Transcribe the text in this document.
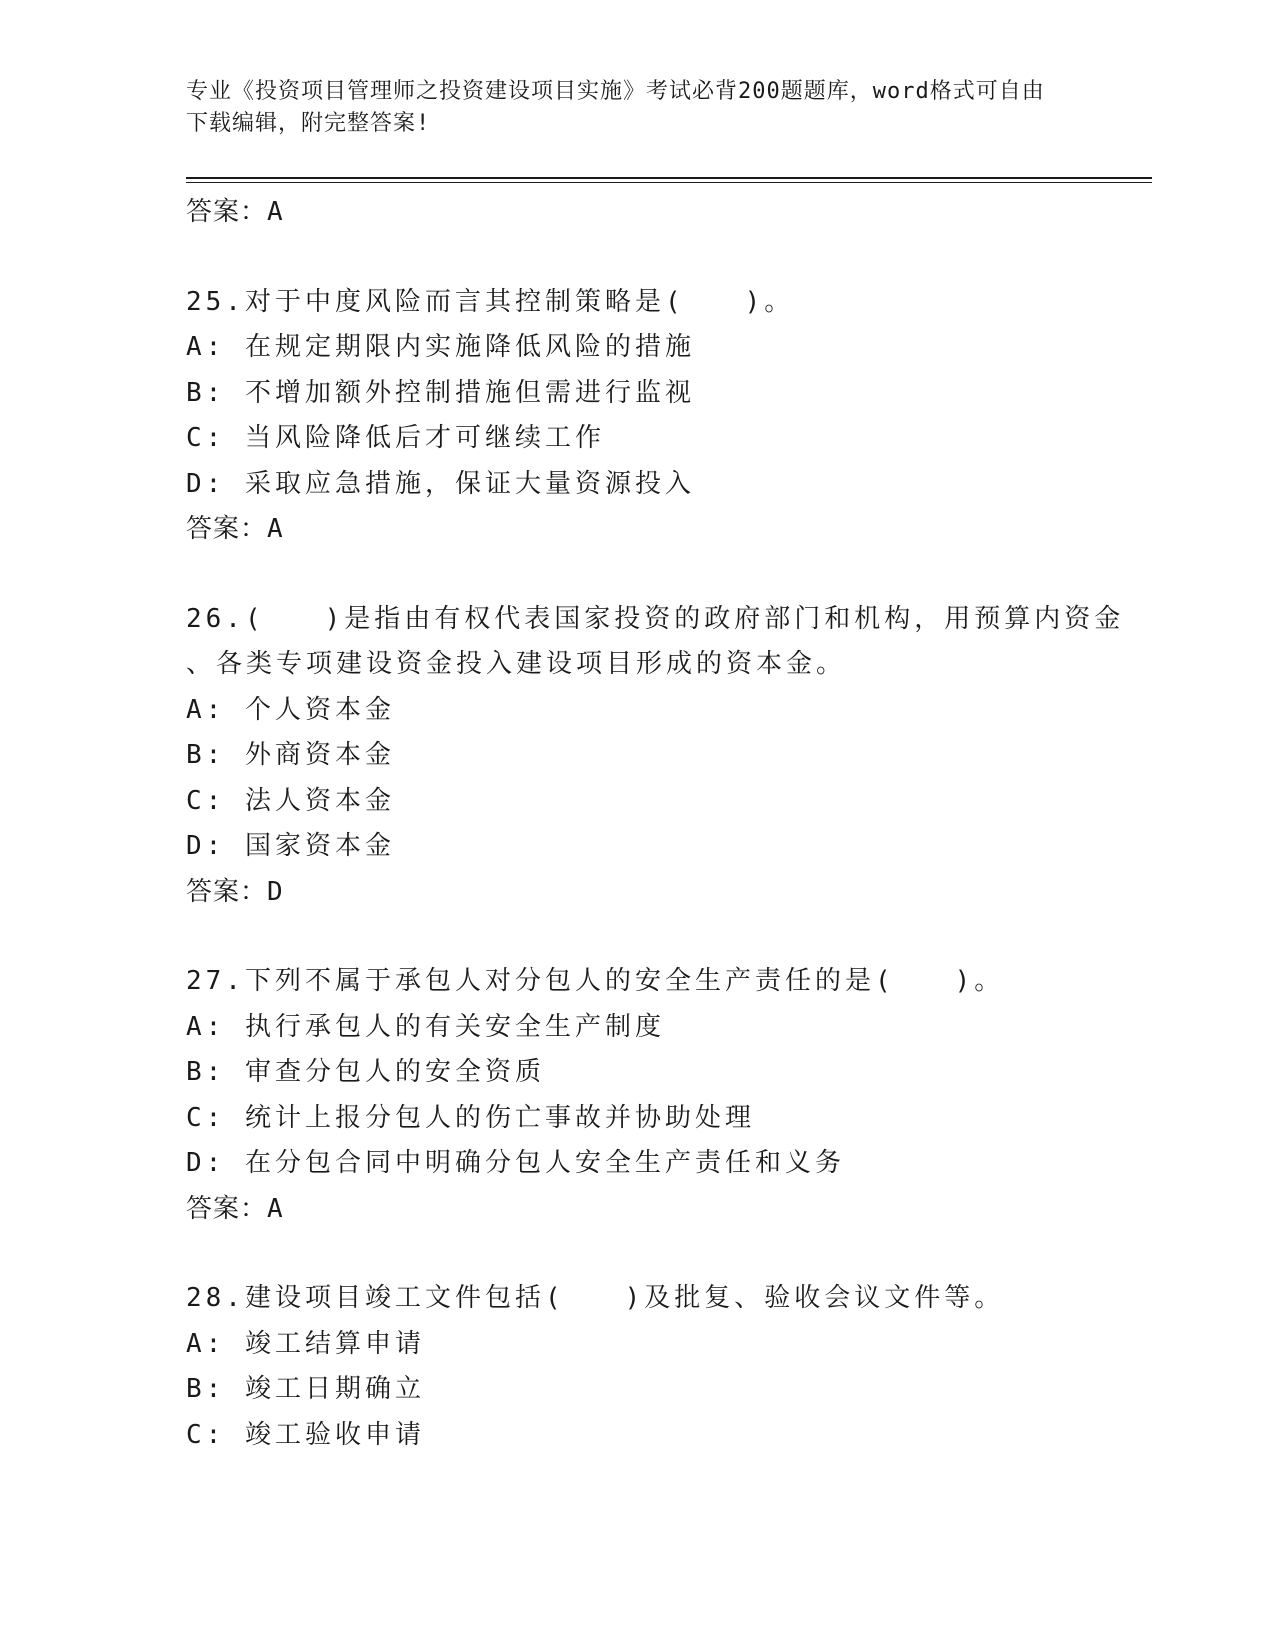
专业《投资项目管理师之投资建设项目实施》考试必背200题题库，word格式可自由下载编辑，附完整答案!
答案：A
25.对于中度风险而言其控制策略是(　　)。
A: 在规定期限内实施降低风险的措施
B: 不增加额外控制措施但需进行监视
C: 当风险降低后才可继续工作
D: 采取应急措施，保证大量资源投入
答案：A
26.(　　)是指由有权代表国家投资的政府部门和机构，用预算内资金
、各类专项建设资金投入建设项目形成的资本金。
A: 个人资本金
B: 外商资本金
C: 法人资本金
D: 国家资本金
答案：D
27.下列不属于承包人对分包人的安全生产责任的是(　　)。
A: 执行承包人的有关安全生产制度
B: 审查分包人的安全资质
C: 统计上报分包人的伤亡事故并协助处理
D: 在分包合同中明确分包人安全生产责任和义务
答案：A
28.建设项目竣工文件包括(　　)及批复、验收会议文件等。
A: 竣工结算申请
B: 竣工日期确立
C: 竣工验收申请
